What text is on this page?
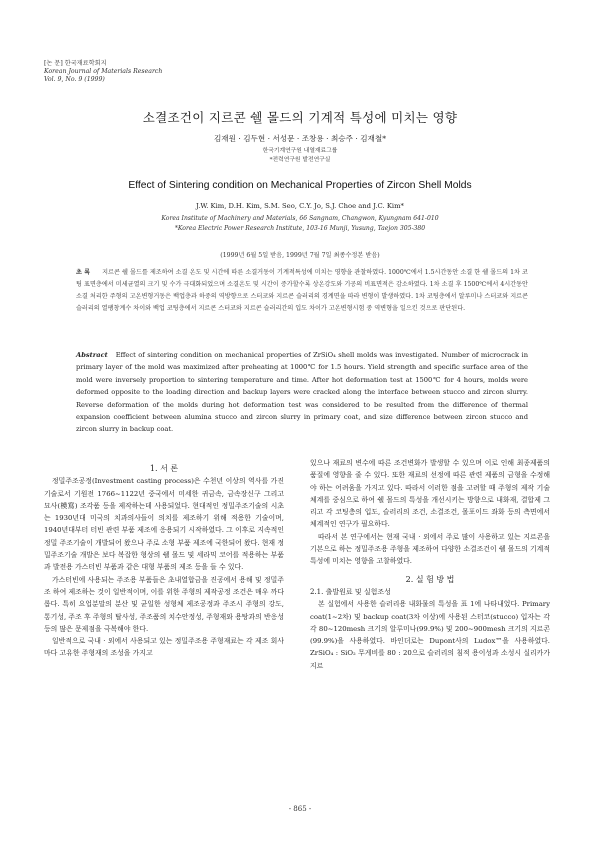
[논 문] 한국재료학회지
Korean Journal of Materials Research
Vol. 9, No. 9 (1999)
소결조건이 지르콘 쉘 몰드의 기계적 특성에 미치는 영향
김재원 · 김두현 · 서성문 · 조창용 · 최승주 · 김재철*
한국기계연구원 내열재료그룹
*전력연구원 발전연구실
Effect of Sintering condition on Mechanical Properties of Zircon Shell Molds
J.W. Kim, D.H. Kim, S.M. Seo, C.Y. Jo, S.J. Choe and J.C. Kim*
Korea Institute of Machinery and Materials, 66 Sangnam, Changwon, Kyungnam 641-010
*Korea Electric Power Research Institute, 103-16 Munji, Yusung, Taejon 305-380
(1999년 6월 5일 받음, 1999년 7월 7일 최종수정본 받음)
초 록 지르콘 쉘 몰드를 제조하여 소결 온도 및 시간에 따른 소결거동이 기계적특성에 미치는 영향을 관찰하였다. 1000℃에서 1.5시간동안 소결 한 쉘 몰드의 1차 코팅 표면층에서 미세균열의 크기 및 수가 극대화되었으며 소결온도 및 시간이 증가할수록 상온강도와 기공의 비표면적은 감소하였다. 1차 소결 후 1500℃에서 4시간동안 소결 처리한 주형의 고온변형거동은 백업층과 하중의 역방향으로 스터코와 지르콘 슬러리의 경계면을 따라 변형이 발생하였다. 1차 코팅층에서 알루미나 스터코와 지르콘 슬러리의 열팽창계수 차이와 백업 코팅층에서 지르콘 스터코와 지르콘 슬러리간의 입도 차이가 고온변형시험 중 역변형을 일으킨 것으로 판단된다.
Abstract Effect of sintering condition on mechanical properties of ZrSiO₄ shell molds was investigated. Number of microcrack in primary layer of the mold was maximized after preheating at 1000℃ for 1.5 hours. Yield strength and specific surface area of the mold were inversely proportion to sintering temperature and time. After hot deformation test at 1500℃ for 4 hours, molds were deformed opposite to the loading direction and backup layers were cracked along the interface between stucco and zircon slurry. Reverse deformation of the molds during hot deformation test was considered to be resulted from the difference of thermal expansion coefficient between alumina stucco and zircon slurry in primary coat, and size difference between zircon stucco and zircon slurry in backup coat.

1. 서 론

정밀주조공정(Investment casting process)은 수천년 이상의 역사를 가진 기술로서 기원전 1766~1122년 중국에서 미세한 귀금속, 금속장신구 그리고 묘사(模寫) 조각품 등을 제작하는데 사용되었다. 현대적인 정밀주조기술의 시초는 1930년대 미국의 치과의사들이 의치를 제조하기 위해 적용한 기술이며, 1940년대부터 터빈 관련 부품 제조에 응용되기 시작하였다. 그 이후로 지속적인 정밀 주조기술이 개발되어 왔으나 주로 소형 부품 제조에 국한되어 왔다. 현재 정밀주조기술 개발은 보다 복잡한 형상의 쉘 몰드 및 세라믹 코어를 적용하는 부품과 발전용 가스터빈 부품과 같은 대형 부품의 제조 등을 들 수 있다.

가스터빈에 사용되는 주조용 부품들은 초내열합금을 진공에서 용해 및 정밀주조 하여 제조하는 것이 일반적이며, 이를 위한 주형의 제작공정 조건은 매우 까다롭다. 특히 요업분말의 분산 및 균일한 성형체 제조공정과 주조시 주형의 강도, 통기성, 주조 후 주형의 탈사성, 주조품의 치수안정성, 주형재와 용탕과의 반응성 등의 많은 문제점을 극복해야 한다.

일반적으로 국내 · 외에서 사용되고 있는 정밀주조용 주형재료는 각 제조 회사마다 고유한 주형재의 조성을 가지고

있으나 재료의 변수에 따른 조건변화가 발생할 수 있으며 이로 인해 최종제품의 품질에 영향을 줄 수 있다. 또한 재료의 선정에 따른 관련 제품의 금형을 수정해야 하는 어려움을 가지고 있다. 따라서 이러한 점을 고려할 때 주형의 제작 기술 체계를 중심으로 하여 쉘 몰드의 특성을 개선시키는 방향으로 내화재, 결합제 그리고 각 코팅층의 입도, 슬러리의 조건, 소결조건, 몰포이드 좌화 등의 측면에서 체계적인 연구가 필요하다.

따라서 본 연구에서는 현재 국내 · 외에서 주로 많이 사용하고 있는 지르콘을 기본으로 하는 정밀주조용 주형을 제조하여 다양한 소결조건이 쉘 몰드의 기계적 특성에 미치는 영향을 고찰하였다.

2. 실 험 방 법

2.1. 출발원료 및 실험조성

본 실험에서 사용한 슬러리용 내화물의 특성을 표 1에 나타내었다. Primary coat(1~2차) 및 backup coat(3차 이상)에 사용된 스터코(stucco) 입자는 각각 80~120mesh 크기의 알루미나(99.9%) 및 200~900mesh 크기의 지르콘(99.9%)을 사용하였다. 바인더로는 Dupont사의 Ludox™을 사용하였다. ZrSiO₄ : SiO₂ 무게비를 80 : 20으로 슬러리의 침적 용이성과 소성시 실리카가 지르

- 865 -
